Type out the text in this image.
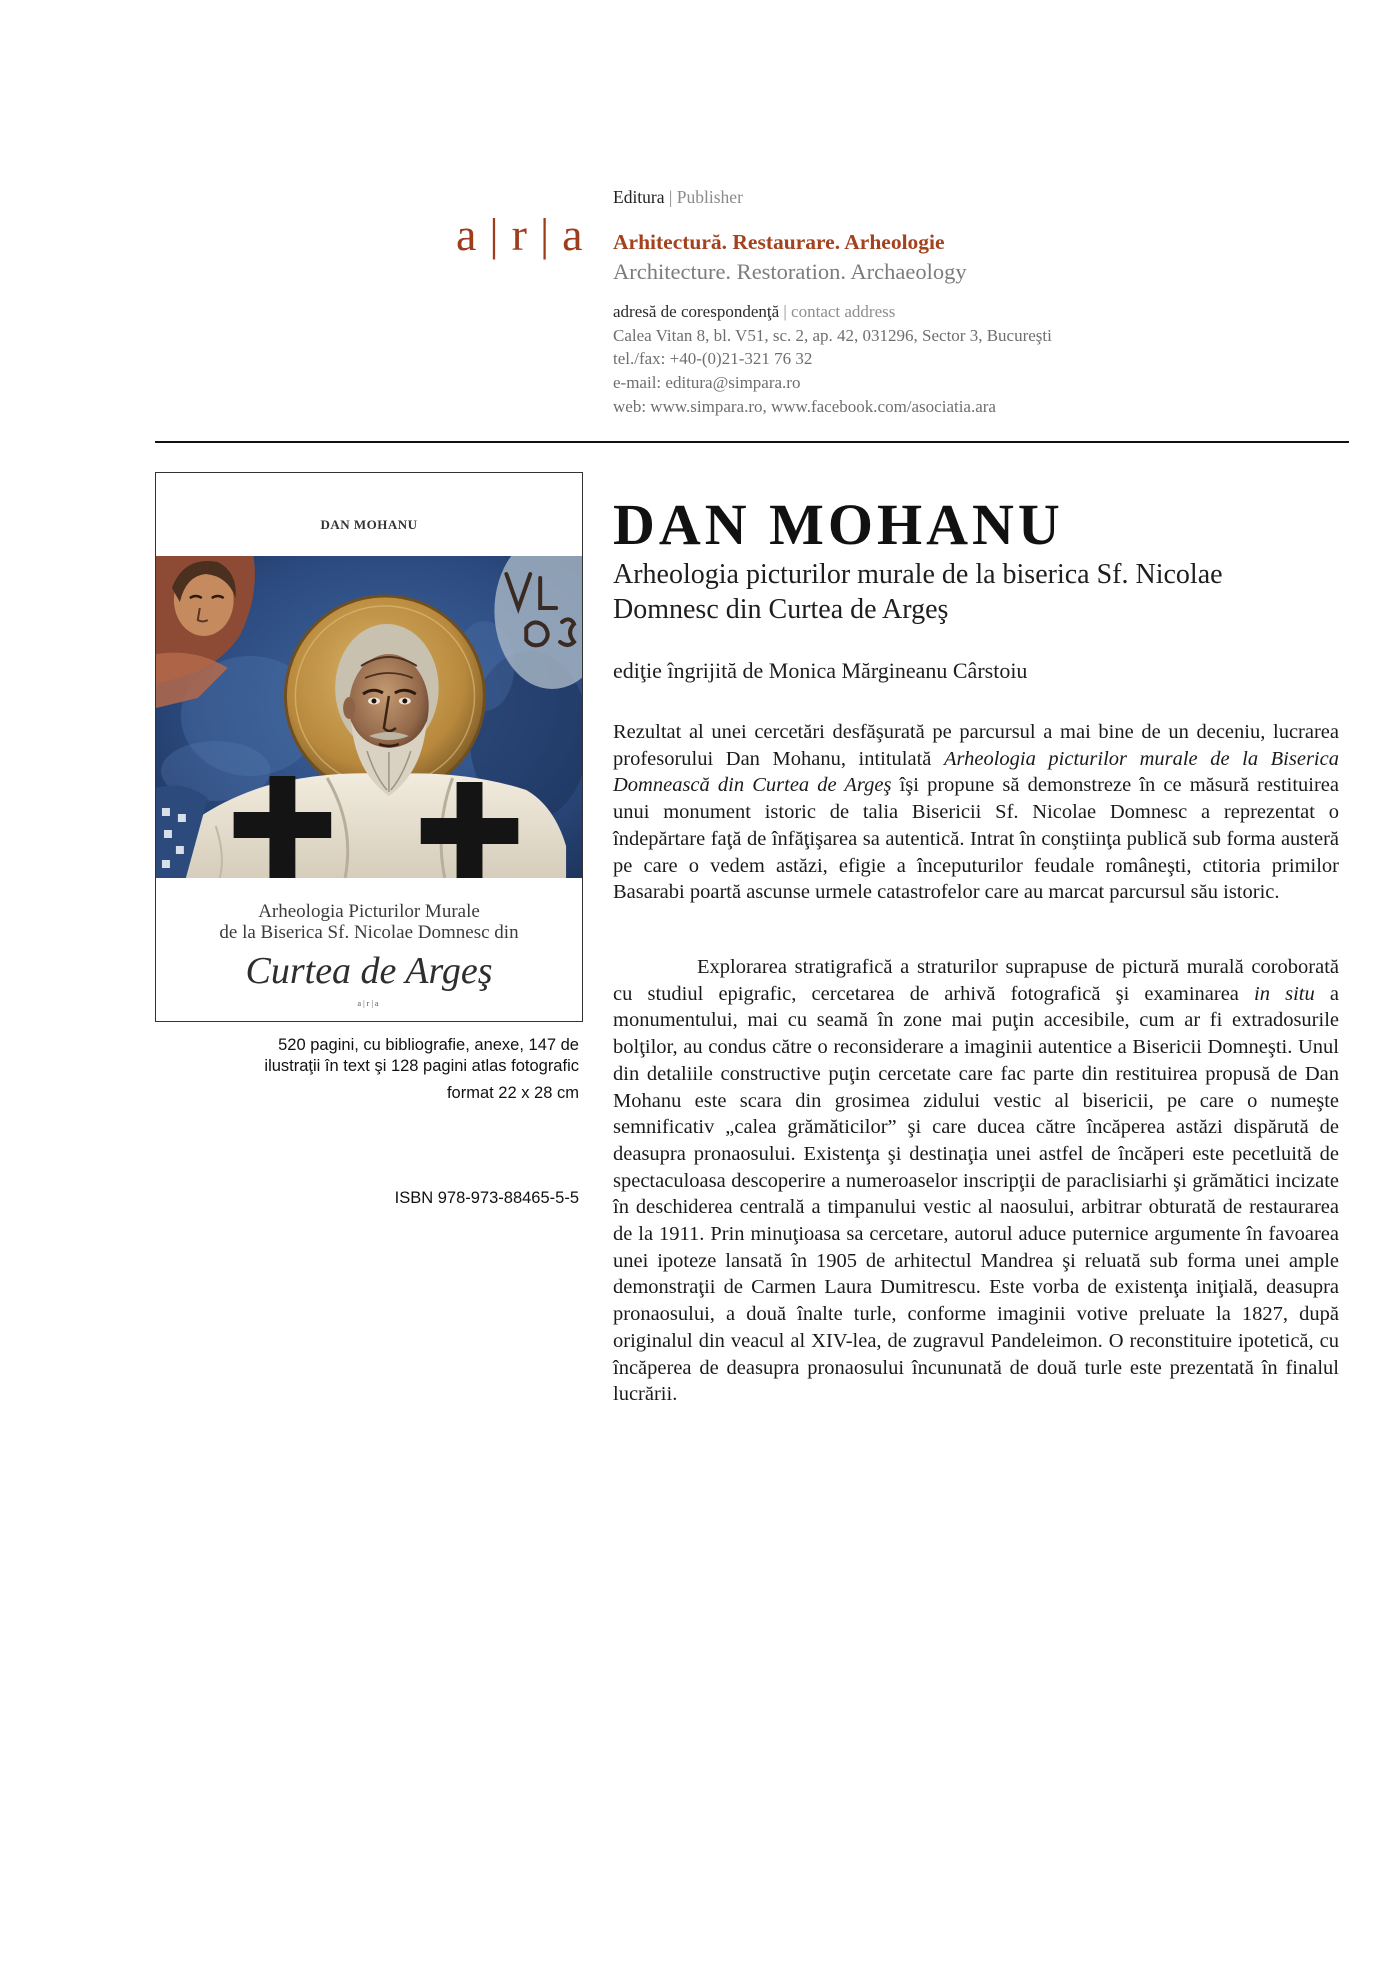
Editura | Publisher
a|r|a Arhitectură. Restaurare. Arheologie
Architecture. Restoration. Archaeology
adresă de corespondenţă | contact address
Calea Vitan 8, bl. V51, sc. 2, ap. 42, 031296, Sector 3, Bucureşti
tel./fax: +40-(0)21-321 76 32
e-mail: editura@simpara.ro
web: www.simpara.ro, www.facebook.com/asociatia.ara
DAN MOHANU
Arheologia Picturilor Murale
de la Biserica Sf. Nicolae Domnesc din
Curtea de Argeş
a|r|a
520 pagini, cu bibliografie, anexe, 147 de
ilustraţii în text şi 128 pagini atlas fotografic
format 22 x 28 cm
ISBN 978-973-88465-5-5
DAN MOHANU
Arheologia picturilor murale de la biserica Sf. Nicolae
Domnesc din Curtea de Argeş
ediţie îngrijită de Monica Mărgineanu Cârstoiu

Rezultat al unei cercetări desfăşurată pe parcursul a mai bine de un deceniu, lucrarea profesorului Dan Mohanu, intitulată Arheologia picturilor murale de la Biserica Domnească din Curtea de Argeş îşi propune să demonstreze în ce măsură restituirea unui monument istoric de talia Bisericii Sf. Nicolae Domnesc a reprezentat o îndepărtare faţă de înfăţişarea sa autentică. Intrat în conştiinţa publică sub forma austeră pe care o vedem astăzi, efigie a începuturilor feudale româneşti, ctitoria primilor Basarabi poartă ascunse urmele catastrofelor care au marcat parcursul său istoric.

Explorarea stratigrafică a straturilor suprapuse de pictură murală coroborată cu studiul epigrafic, cercetarea de arhivă fotografică şi examinarea in situ a monumentului, mai cu seamă în zone mai puţin accesibile, cum ar fi extradosurile bolţilor, au condus către o reconsiderare a imaginii autentice a Bisericii Domneşti. Unul din detaliile constructive puţin cercetate care fac parte din restituirea propusă de Dan Mohanu este scara din grosimea zidului vestic al bisericii, pe care o numeşte semnificativ „calea grămăticilor” şi care ducea către încăperea astăzi dispărută de deasupra pronaosului. Existenţa şi destinaţia unei astfel de încăperi este pecetluită de spectaculoasa descoperire a numeroaselor inscripţii de paraclisiarhi şi grămătici incizate în deschiderea centrală a timpanului vestic al naosului, arbitrar obturată de restaurarea de la 1911. Prin minuţioasa sa cercetare, autorul aduce puternice argumente în favoarea unei ipoteze lansată în 1905 de arhitectul Mandrea şi reluată sub forma unei ample demonstraţii de Carmen Laura Dumitrescu. Este vorba de existenţa iniţială, deasupra pronaosului, a două înalte turle, conforme imaginii votive preluate la 1827, după originalul din veacul al XIV-lea, de zugravul Pandeleimon. O reconstituire ipotetică, cu încăperea de deasupra pronaosului încununată de două turle este prezentată în finalul lucrării.
